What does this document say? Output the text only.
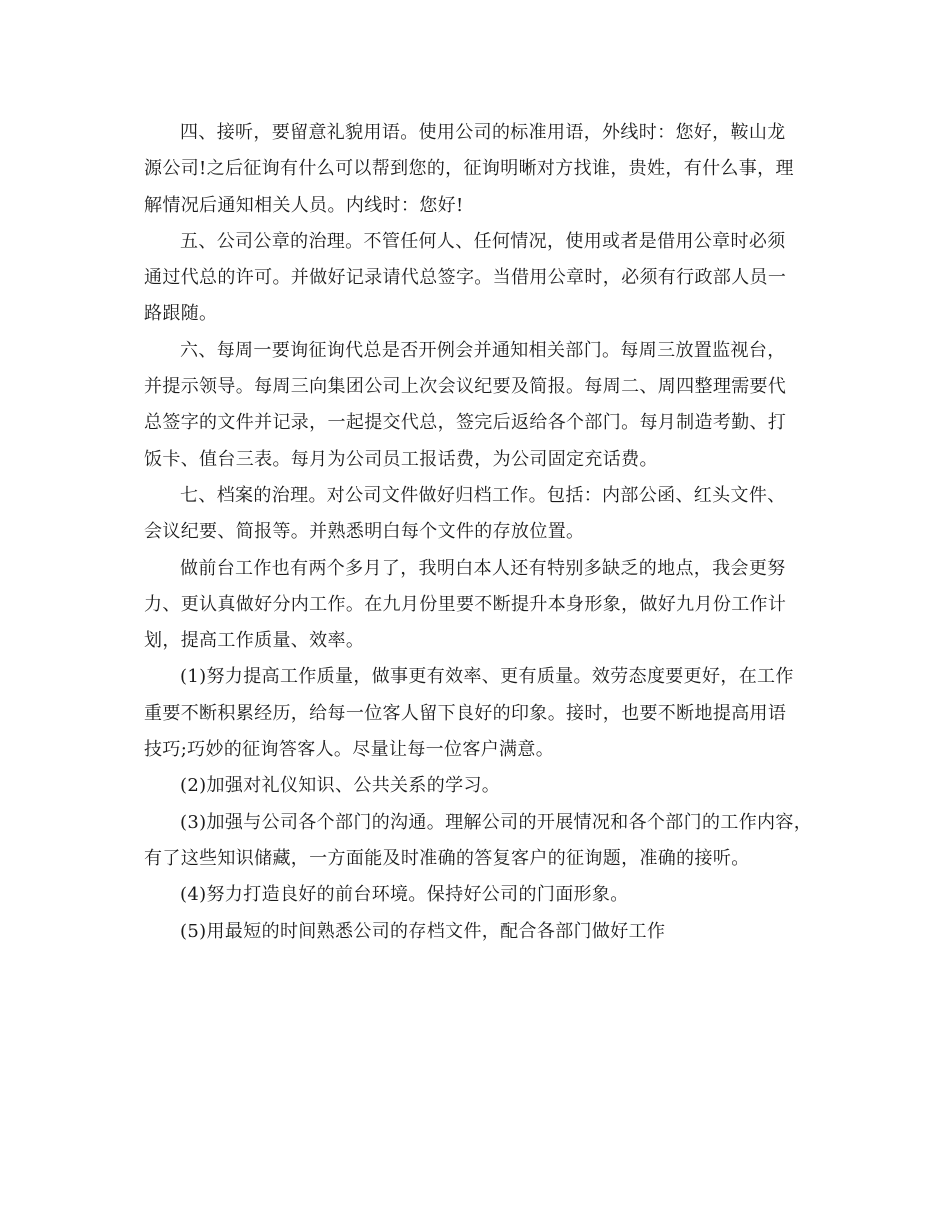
四、接听，要留意礼貌用语。使用公司的标准用语，外线时：您好，鞍山龙
源公司!之后征询有什么可以帮到您的，征询明晰对方找谁，贵姓，有什么事，理
解情况后通知相关人员。内线时：您好!
五、公司公章的治理。不管任何人、任何情况，使用或者是借用公章时必须
通过代总的许可。并做好记录请代总签字。当借用公章时，必须有行政部人员一
路跟随。
六、每周一要询征询代总是否开例会并通知相关部门。每周三放置监视台，
并提示领导。每周三向集团公司上次会议纪要及简报。每周二、周四整理需要代
总签字的文件并记录，一起提交代总，签完后返给各个部门。每月制造考勤、打
饭卡、值台三表。每月为公司员工报话费，为公司固定充话费。
七、档案的治理。对公司文件做好归档工作。包括：内部公函、红头文件、
会议纪要、简报等。并熟悉明白每个文件的存放位置。
做前台工作也有两个多月了，我明白本人还有特别多缺乏的地点，我会更努
力、更认真做好分内工作。在九月份里要不断提升本身形象，做好九月份工作计
划，提高工作质量、效率。
(1)努力提高工作质量，做事更有效率、更有质量。效劳态度要更好，在工作
重要不断积累经历，给每一位客人留下良好的印象。接时，也要不断地提高用语
技巧;巧妙的征询答客人。尽量让每一位客户满意。
(2)加强对礼仪知识、公共关系的学习。
(3)加强与公司各个部门的沟通。理解公司的开展情况和各个部门的工作内容，
有了这些知识储藏，一方面能及时准确的答复客户的征询题，准确的接听。
(4)努力打造良好的前台环境。保持好公司的门面形象。
(5)用最短的时间熟悉公司的存档文件，配合各部门做好工作
